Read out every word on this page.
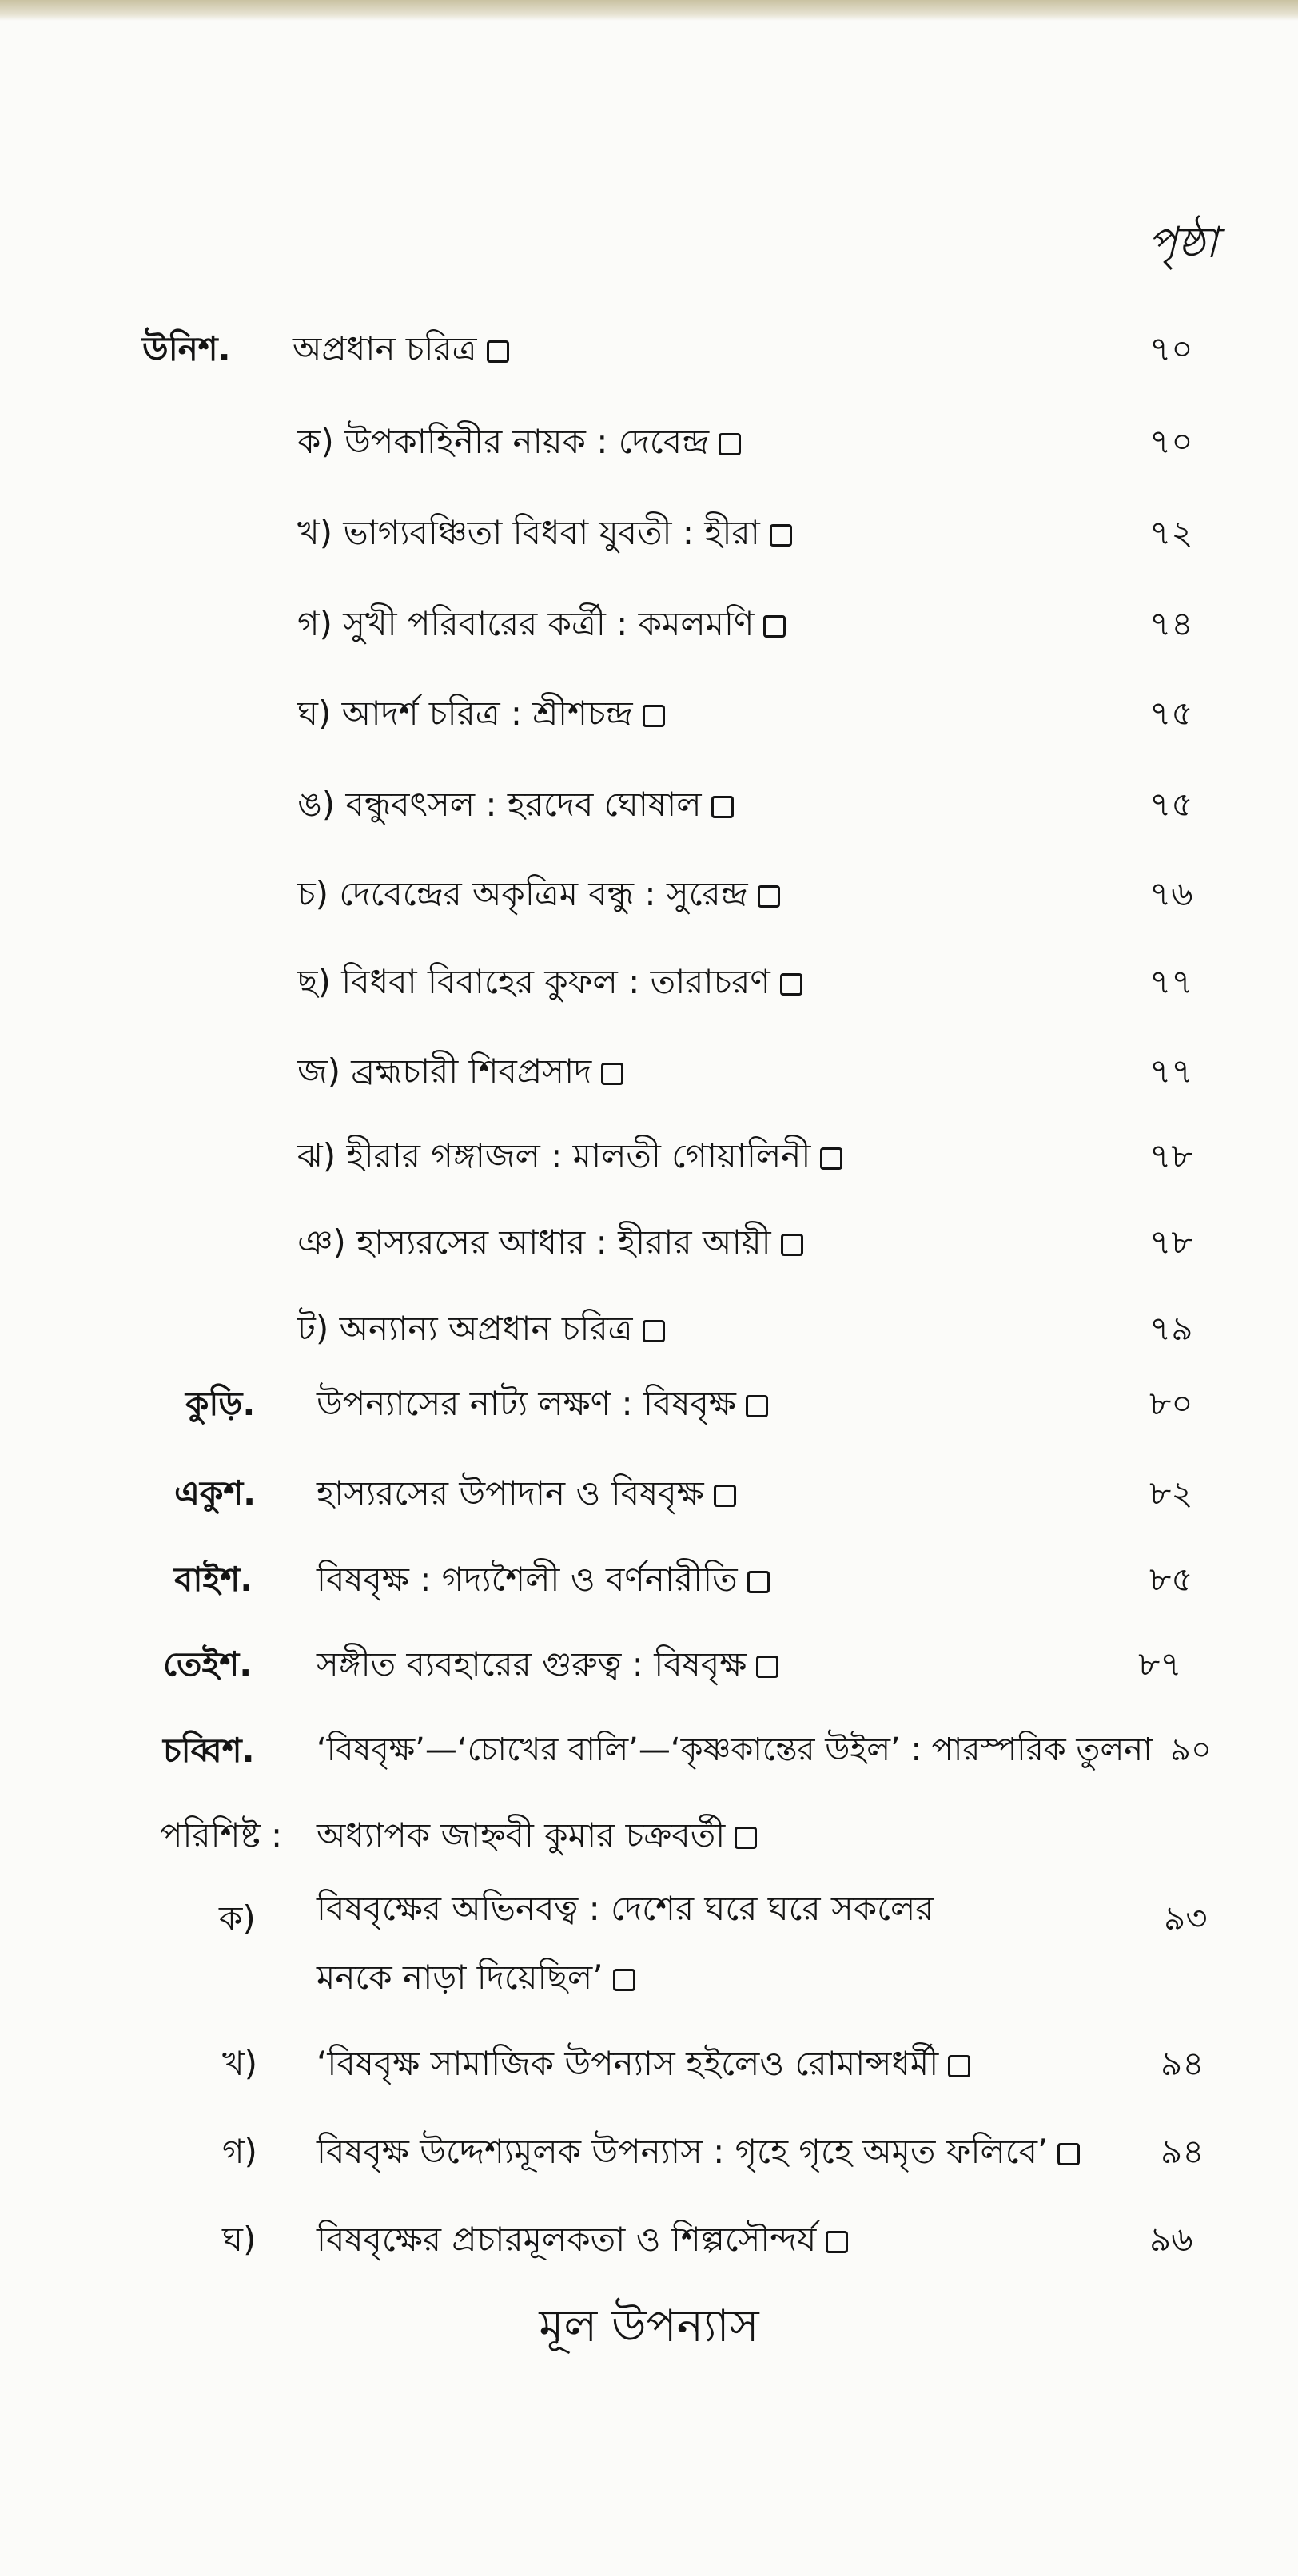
পৃষ্ঠা
উনিশ. অপ্রধান চরিত্র	৭০
ক) উপকাহিনীর নায়ক : দেবেন্দ্র	৭০
খ) ভাগ্যবঞ্চিতা বিধবা যুবতী : হীরা	৭২
গ) সুখী পরিবারের কর্ত্রী : কমলমণি	৭৪
ঘ) আদর্শ চরিত্র : শ্রীশচন্দ্র	৭৫
ঙ) বন্ধুবৎসল : হরদেব ঘোষাল	৭৫
চ) দেবেন্দ্রের অকৃত্রিম বন্ধু : সুরেন্দ্র	৭৬
ছ) বিধবা বিবাহের কুফল : তারাচরণ	৭৭
জ) ব্রহ্মচারী শিবপ্রসাদ	৭৭
ঝ) হীরার গঙ্গাজল : মালতী গোয়ালিনী	৭৮
ঞ) হাস্যরসের আধার : হীরার আয়ী	৭৮
ট) অন্যান্য অপ্রধান চরিত্র	৭৯
কুড়ি. উপন্যাসের নাট্য লক্ষণ : বিষবৃক্ষ	৮০
একুশ. হাস্যরসের উপাদান ও বিষবৃক্ষ	৮২
বাইশ. বিষবৃক্ষ : গদ্যশৈলী ও বর্ণনারীতি	৮৫
তেইশ. সঙ্গীত ব্যবহারের গুরুত্ব : বিষবৃক্ষ	৮৭
চব্বিশ. ‘বিষবৃক্ষ’—‘চোখের বালি’—‘কৃষ্ণকান্তের উইল’ : পারস্পরিক তুলনা ৯০
পরিশিষ্ট : অধ্যাপক জাহ্নবী কুমার চক্রবর্তী
ক) বিষবৃক্ষের অভিনবত্ব : দেশের ঘরে ঘরে সকলের মনকে নাড়া দিয়েছিল’
৯৩
খ) ‘বিষবৃক্ষ সামাজিক উপন্যাস হইলেও রোমান্সধর্মী	৯৪
গ) বিষবৃক্ষ উদ্দেশ্যমূলক উপন্যাস : গৃহে গৃহে অমৃত ফলিবে’	৯৪
ঘ) বিষবৃক্ষের প্রচারমূলকতা ও শিল্পসৌন্দর্য	৯৬
মূল উপন্যাস
